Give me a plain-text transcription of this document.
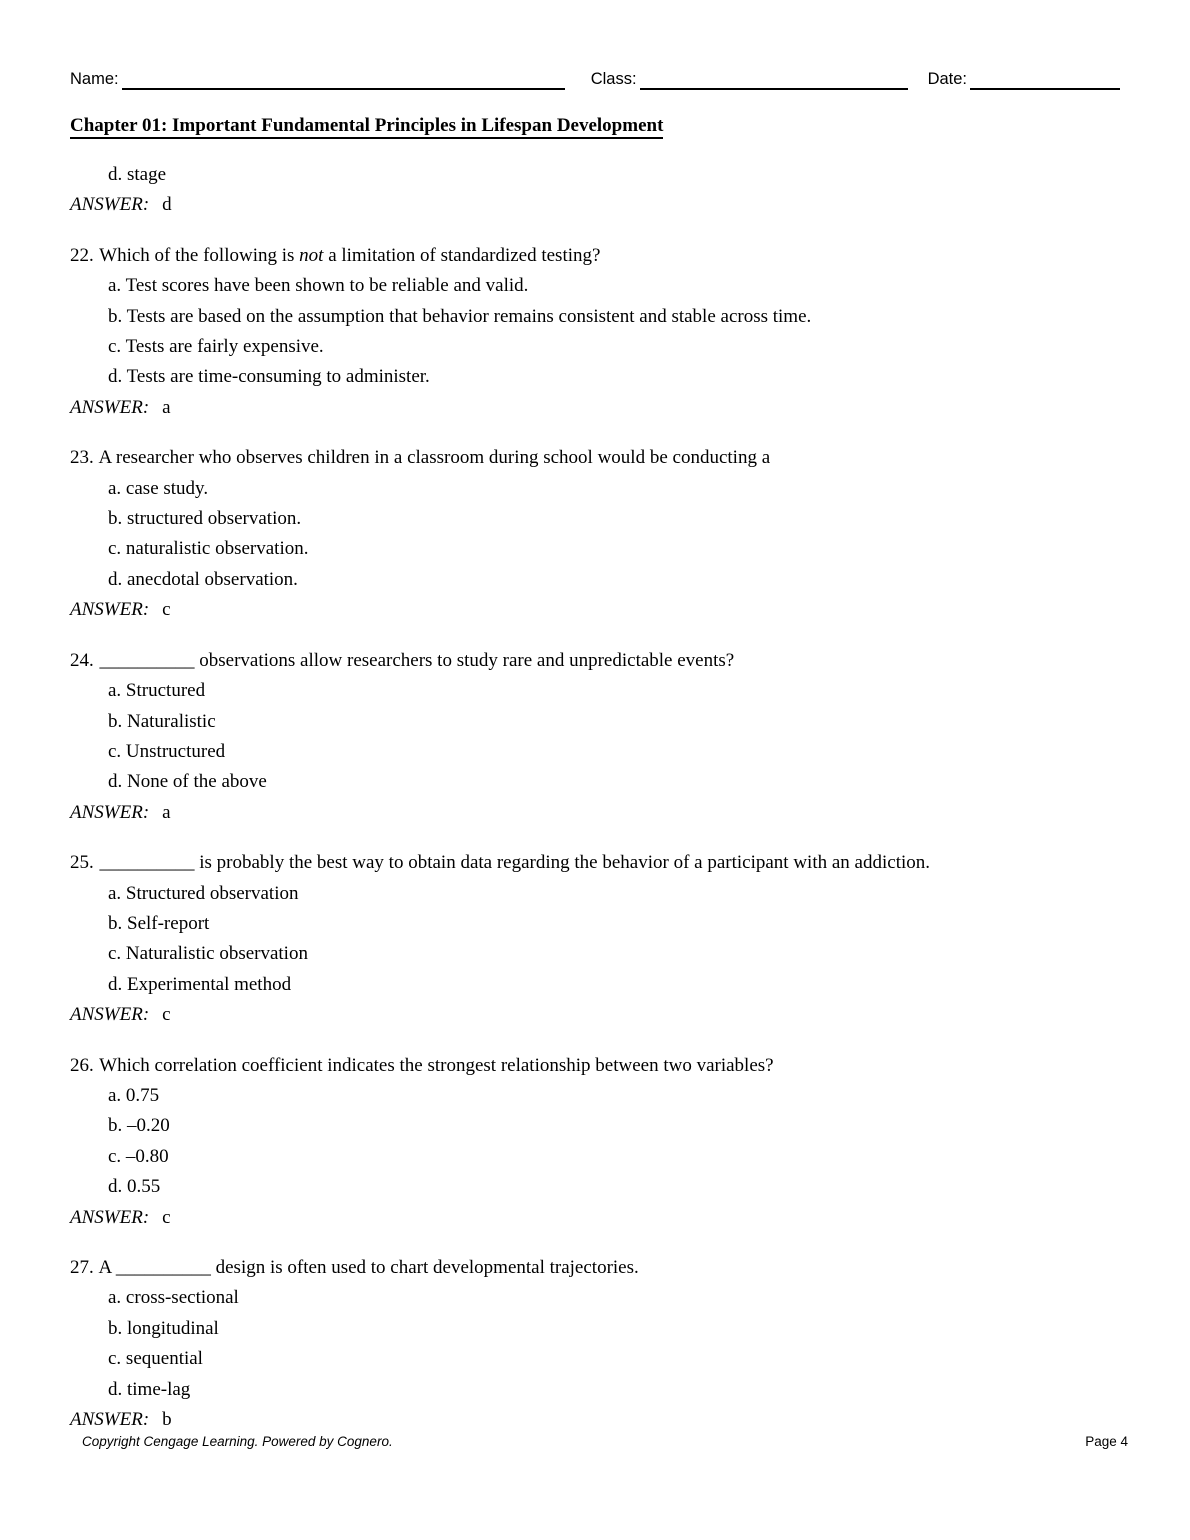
Name:	Class:	Date:
Chapter 01: Important Fundamental Principles in Lifespan Development
d. stage
ANSWER: d
22. Which of the following is not a limitation of standardized testing?
a. Test scores have been shown to be reliable and valid.
b. Tests are based on the assumption that behavior remains consistent and stable across time.
c. Tests are fairly expensive.
d. Tests are time-consuming to administer.
ANSWER: a
23. A researcher who observes children in a classroom during school would be conducting a
a. case study.
b. structured observation.
c. naturalistic observation.
d. anecdotal observation.
ANSWER: c
24. __________ observations allow researchers to study rare and unpredictable events?
a. Structured
b. Naturalistic
c. Unstructured
d. None of the above
ANSWER: a
25. __________ is probably the best way to obtain data regarding the behavior of a participant with an addiction.
a. Structured observation
b. Self-report
c. Naturalistic observation
d. Experimental method
ANSWER: c
26. Which correlation coefficient indicates the strongest relationship between two variables?
a. 0.75
b. –0.20
c. –0.80
d. 0.55
ANSWER: c
27. A __________ design is often used to chart developmental trajectories.
a. cross-sectional
b. longitudinal
c. sequential
d. time-lag
ANSWER: b
Copyright Cengage Learning. Powered by Cognero.	Page 4
